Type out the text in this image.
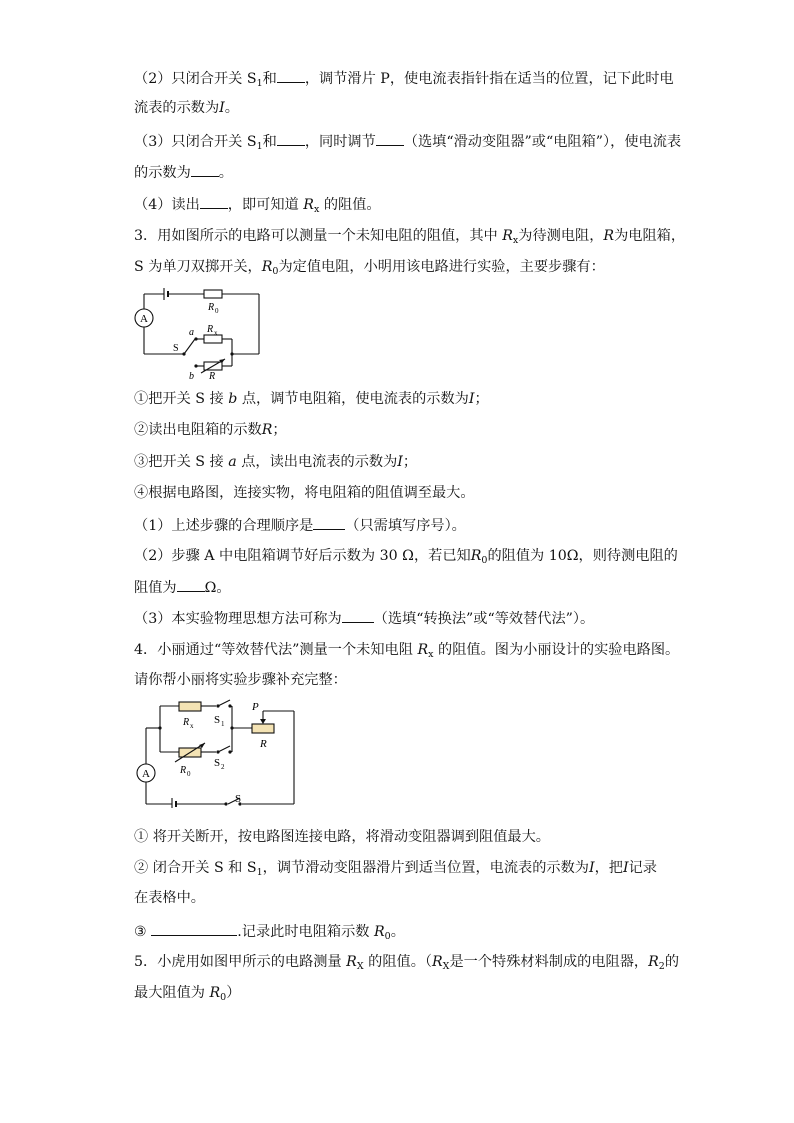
（2）只闭合开关 $S_1$和 ，调节滑片 P，使电流表指针指在适当的位置，记下此时电
流表的示数为I。
（3）只闭合开关 $S_1$和 ，同时调节 （选填“滑动变阻器”或“电阻箱”），使电流表
的示数为 。
（4）读出 ，即可知道 $R_x$ 的阻值。
3．用如图所示的电路可以测量一个未知电阻的阻值，其中 $R_x$为待测电阻，R为电阻箱，
S 为单刀双掷开关，$R_0$为定值电阻，小明用该电路进行实验，主要步骤有：
A
R 0
R x
S
a
b R
①把开关 S 接 b 点，调节电阻箱，使电流表的示数为I；
②读出电阻箱的示数R；
③把开关 S 接 a 点，读出电流表的示数为I；
④根据电路图，连接实物，将电阻箱的阻值调至最大。
（1）上述步骤的合理顺序是 （只需填写序号）。
（2）步骤 A 中电阻箱调节好后示数为 30 Ω，若已知$R_0$的阻值为 10Ω，则待测电阻的
阻值为 Ω。
（3）本实验物理思想方法可称为 （选填“转换法”或“等效替代法”）。
4．小丽通过“等效替代法”测量一个未知电阻 $R_x$ 的阻值。图为小丽设计的实验电路图。
请你帮小丽将实验步骤补充完整：
A
R x S 1
R 0
S 2
P
R
S
① 将开关断开，按电路图连接电路，将滑动变阻器调到阻值最大。
② 闭合开关 S 和 $S_1$，调节滑动变阻器滑片到适当位置，电流表的示数为I，把I记录
在表格中。
③	.记录此时电阻箱示数 $R_0$。
5．小虎用如图甲所示的电路测量 $R_X$ 的阻值。（$R_X$是一个特殊材料制成的电阻器，$R_2$的
最大阻值为 $R_0$）
